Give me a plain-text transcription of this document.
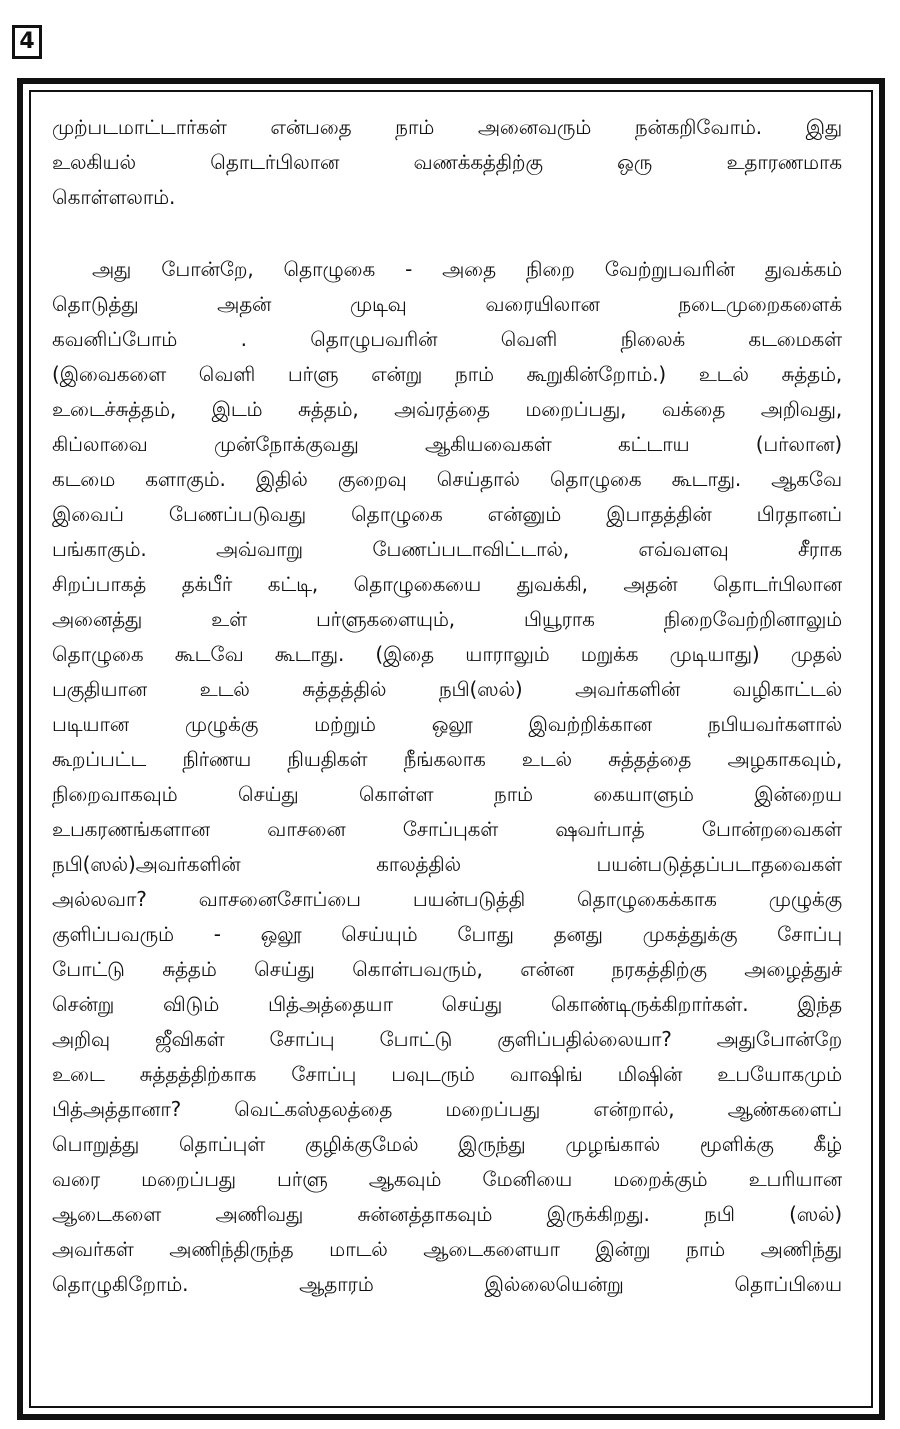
4
முற்படமாட்டார்கள் என்பதை நாம் அனைவரும் நன்கறிவோம். இது
உலகியல் தொடர்பிலான வணக்கத்திற்கு ஒரு உதாரணமாக
கொள்ளலாம்.
அது போன்றே, தொழுகை - அதை நிறை வேற்றுபவரின் துவக்கம்
தொடுத்து அதன் முடிவு வரையிலான நடைமுறைகளைக்
கவனிப்போம் . தொழுபவரின் வெளி நிலைக் கடமைகள்
(இவைகளை வெளி பர்ளு என்று நாம் கூறுகின்றோம்.) உடல் சுத்தம்,
உடைச்சுத்தம், இடம் சுத்தம், அவ்ரத்தை மறைப்பது, வக்தை அறிவது,
கிப்லாவை முன்நோக்குவது ஆகியவைகள் கட்டாய (பர்லான)
கடமை களாகும். இதில் குறைவு செய்தால் தொழுகை கூடாது. ஆகவே
இவைப் பேணப்படுவது தொழுகை என்னும் இபாதத்தின் பிரதானப்
பங்காகும். அவ்வாறு பேணப்படாவிட்டால், எவ்வளவு சீராக
சிறப்பாகத் தக்பீர் கட்டி, தொழுகையை துவக்கி, அதன் தொடர்பிலான
அனைத்து உள் பர்ளுகளையும், பியூராக நிறைவேற்றினாலும்
தொழுகை கூடவே கூடாது. (இதை யாராலும் மறுக்க முடியாது) முதல்
பகுதியான உடல் சுத்தத்தில் நபி(ஸல்) அவர்களின் வழிகாட்டல்
படியான முழுக்கு மற்றும் ஒலூ இவற்றிக்கான நபியவர்களால்
கூறப்பட்ட நிர்ணய நியதிகள் நீங்கலாக உடல் சுத்தத்தை அழகாகவும்,
நிறைவாகவும் செய்து கொள்ள நாம் கையாளும் இன்றைய
உபகரணங்களான வாசனை சோப்புகள் ஷவர்பாத் போன்றவைகள்
நபி(ஸல்)அவர்களின் காலத்தில் பயன்படுத்தப்படாதவைகள்
அல்லவா? வாசனைசோப்பை பயன்படுத்தி தொழுகைக்காக முழுக்கு
குளிப்பவரும் - ஒலூ செய்யும் போது தனது முகத்துக்கு சோப்பு
போட்டு சுத்தம் செய்து கொள்பவரும், என்ன நரகத்திற்கு அழைத்துச்
சென்று விடும் பித்அத்தையா செய்து கொண்டிருக்கிறார்கள். இந்த
அறிவு ஜீவிகள் சோப்பு போட்டு குளிப்பதில்லையா? அதுபோன்றே
உடை சுத்தத்திற்காக சோப்பு பவுடரும் வாஷிங் மிஷின் உபயோகமும்
பித்அத்தானா? வெட்கஸ்தலத்தை மறைப்பது என்றால், ஆண்களைப்
பொறுத்து தொப்புள் குழிக்குமேல் இருந்து முழங்கால் மூளிக்கு கீழ்
வரை மறைப்பது பர்ளு ஆகவும் மேனியை மறைக்கும் உபரியான
ஆடைகளை அணிவது சுன்னத்தாகவும் இருக்கிறது. நபி (ஸல்)
அவர்கள் அணிந்திருந்த மாடல் ஆடைகளையா இன்று நாம் அணிந்து
தொழுகிறோம். ஆதாரம் இல்லையென்று தொப்பியை
